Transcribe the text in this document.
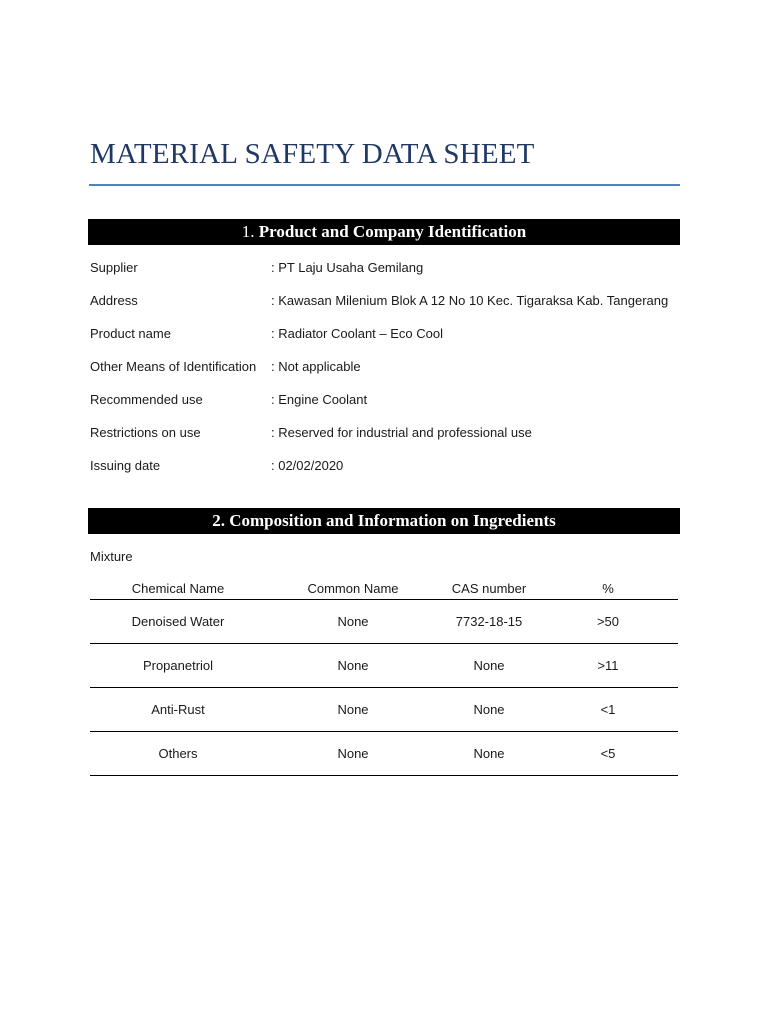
MATERIAL SAFETY DATA SHEET
1. Product and Company Identification
Supplier	: PT Laju Usaha Gemilang
Address	: Kawasan Milenium Blok A 12 No 10 Kec. Tigaraksa Kab. Tangerang
Product name	: Radiator Coolant – Eco Cool
Other Means of Identification : Not applicable
Recommended use	: Engine Coolant
Restrictions on use	: Reserved for industrial and professional use
Issuing date	: 02/02/2020
2. Composition and Information on Ingredients
Mixture
Chemical Name	Common Name	CAS number	%
Denoised Water	None	7732-18-15	>50
Propanetriol	None	None	>11
Anti-Rust	None	None	<1
Others	None	None	<5
